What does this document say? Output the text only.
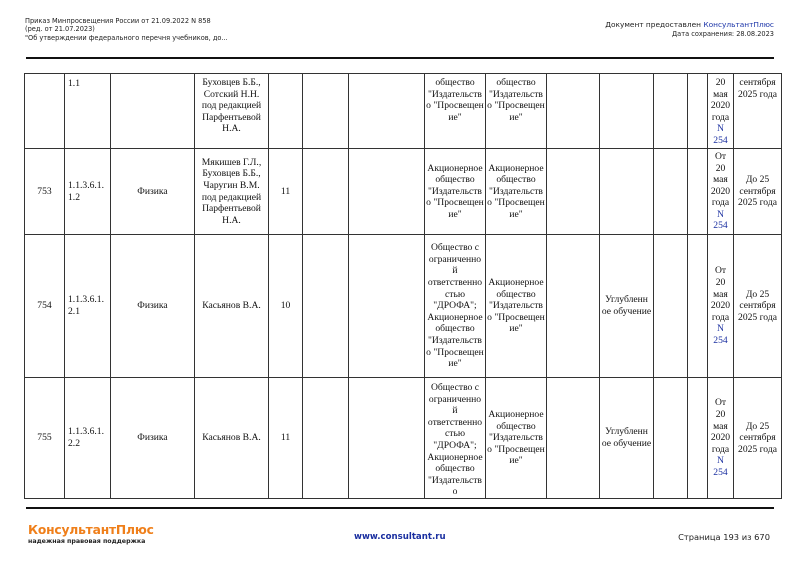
Приказ Минпросвещения России от 21.09.2022 N 858
(ред. от 21.07.2023)
"Об утверждении федерального перечня учебников, до...
Документ предоставлен КонсультантПлюс
Дата сохранения: 28.08.2023
	1.1		Буховцев Б.Б., Сотский Н.Н. под редакцией Парфентьевой Н.А.				общество "Издательств о "Просвещен ие"	общество "Издательств о "Просвещен ие"					20 мая 2020 года N 254	сентября 2025 года
753	1.1.3.6.1. 1.2	Физика	Мякишев Г.Л., Буховцев Б.Б., Чаругин В.М. под редакцией Парфентьевой Н.А.	11			Акционерное общество "Издательств о "Просвещен ие"	Акционерное общество "Издательств о "Просвещен ие"					От 20 мая 2020 года N 254	До 25 сентября 2025 года
754	1.1.3.6.1. 2.1	Физика	Касьянов В.А.	10			Общество с ограниченно й ответственно стью "ДРОФА"; Акционерное общество "Издательств о "Просвещен ие"	Акционерное общество "Издательств о "Просвещен ие"		Углубленн ое обучение			От 20 мая 2020 года N 254	До 25 сентября 2025 года
755	1.1.3.6.1. 2.2	Физика	Касьянов В.А.	11			Общество с ограниченно й ответственно стью "ДРОФА"; Акционерное общество "Издательств о	Акционерное общество "Издательств о "Просвещен ие"		Углубленн ое обучение			От 20 мая 2020 года N 254	До 25 сентября 2025 года
КонсультантПлюс
надежная правовая поддержка	www.consultant.ru	Страница 193 из 670
